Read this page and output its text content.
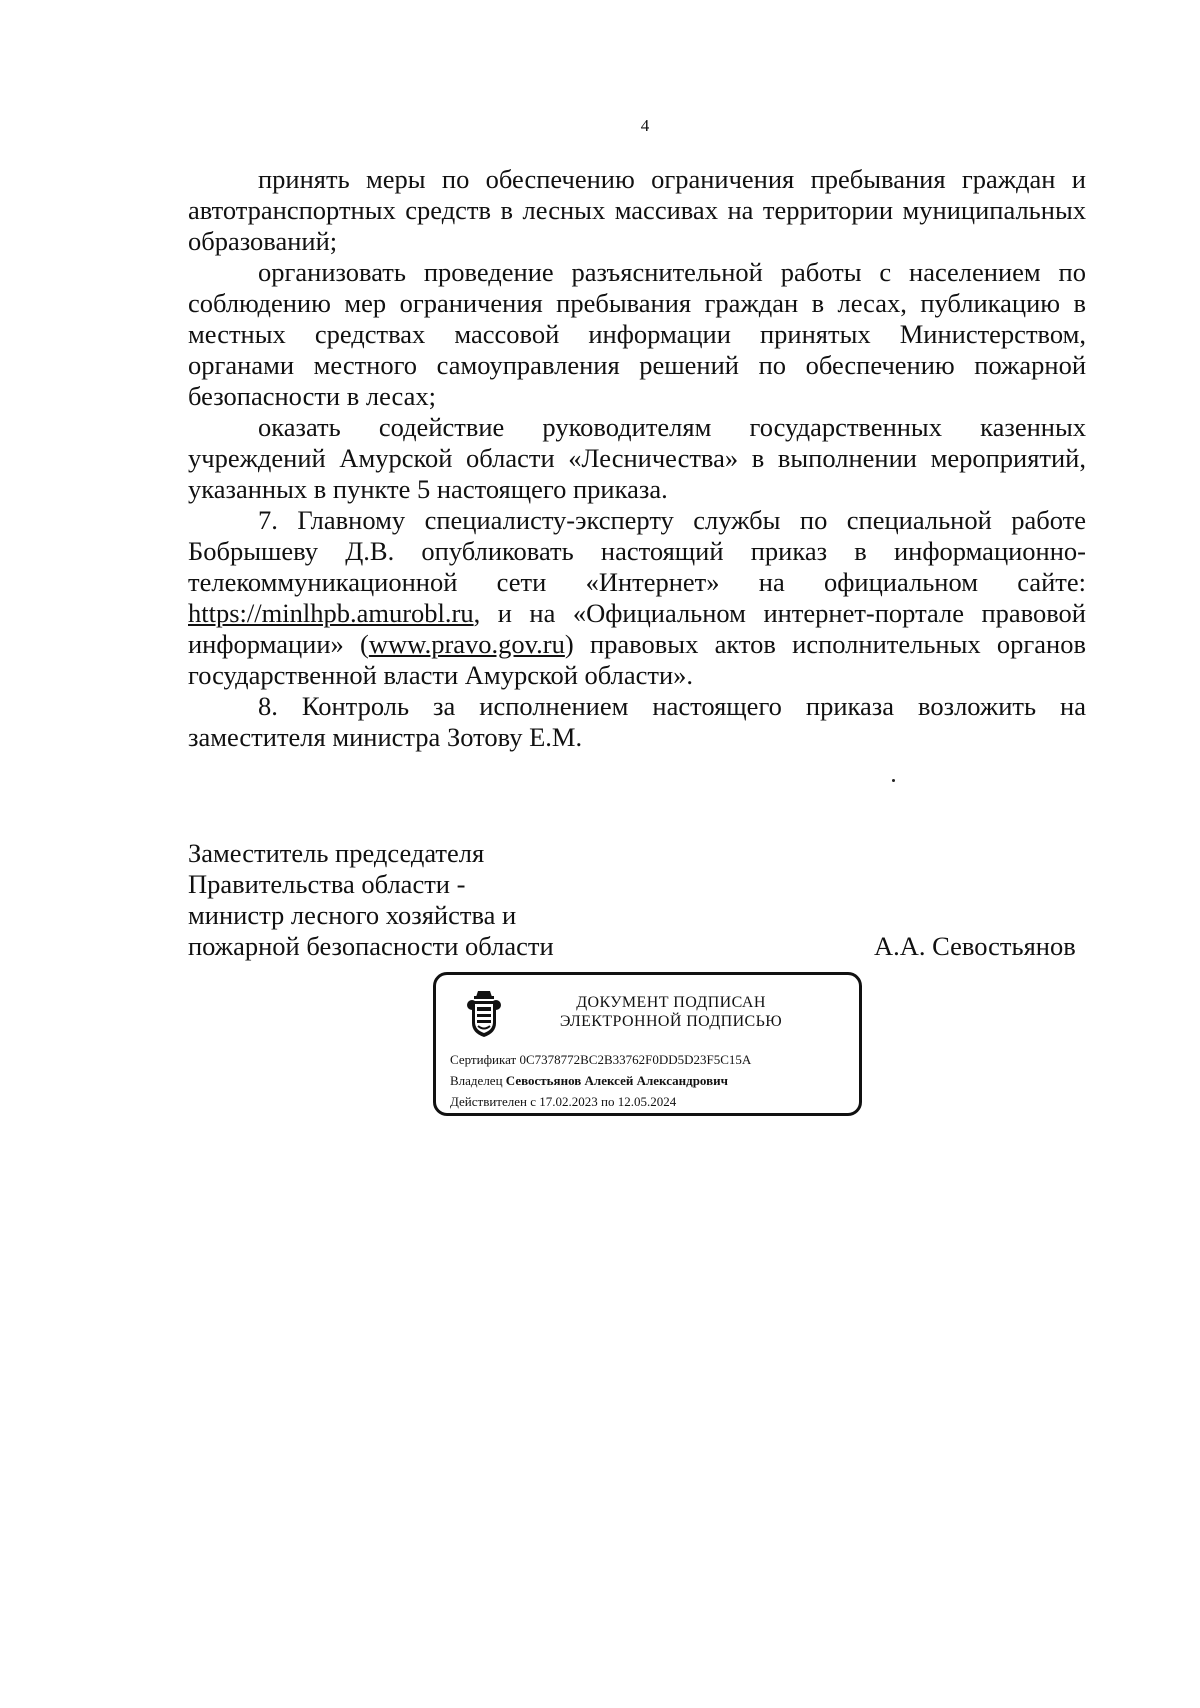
4

принять меры по обеспечению ограничения пребывания граждан и автотранспортных средств в лесных массивах на территории муниципальных образований;

организовать проведение разъяснительной работы с населением по соблюдению мер ограничения пребывания граждан в лесах, публикацию в местных средствах массовой информации принятых Министерством, органами местного самоуправления решений по обеспечению пожарной безопасности в лесах;

оказать содействие руководителям государственных казенных учреждений Амурской области «Лесничества» в выполнении мероприятий, указанных в пункте 5 настоящего приказа.

7. Главному специалисту-эксперту службы по специальной работе Бобрышеву Д.В. опубликовать настоящий приказ в информационно-телекоммуникационной сети «Интернет» на официальном сайте: https://minlhpb.amurobl.ru, и на «Официальном интернет-портале правовой информации» (www.pravo.gov.ru) правовых актов исполнительных органов государственной власти Амурской области».

8. Контроль за исполнением настоящего приказа возложить на заместителя министра Зотову Е.М.

Заместитель председателя
Правительства области -
министр лесного хозяйства и
пожарной безопасности области	А.А. Севостьянов
ДОКУМЕНТ ПОДПИСАН
ЭЛЕКТРОННОЙ ПОДПИСЬЮ
Сертификат 0C7378772BC2B33762F0DD5D23F5C15A
Владелец Севостьянов Алексей Александрович
Действителен с 17.02.2023 по 12.05.2024
